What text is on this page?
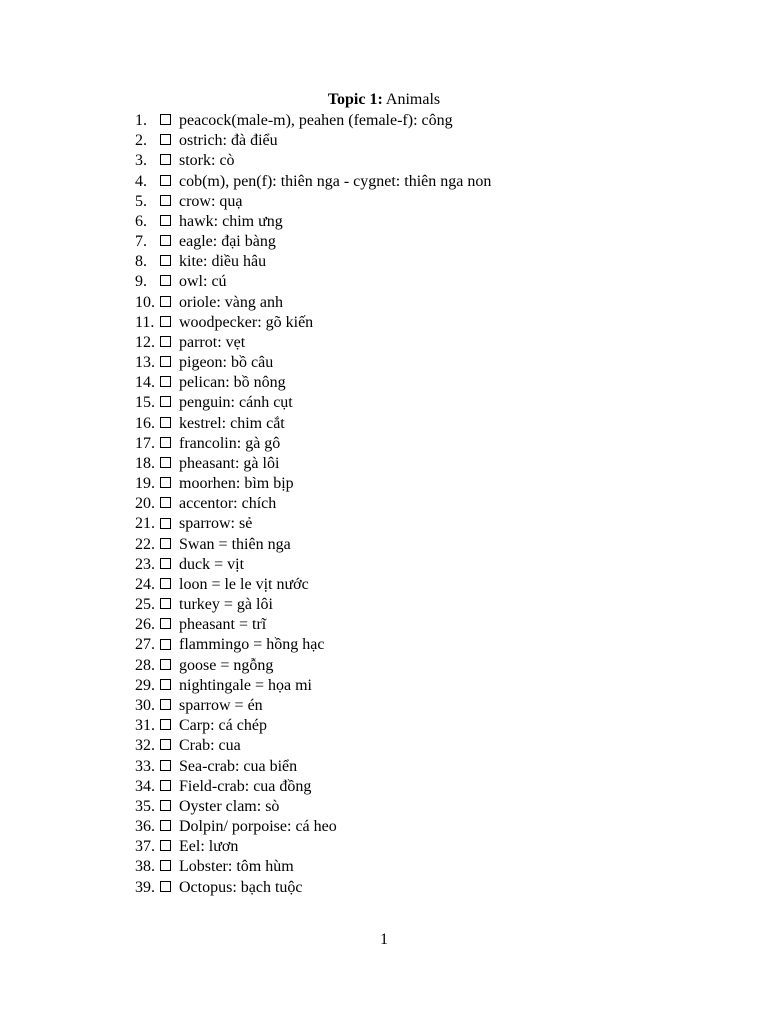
Topic 1: Animals
1.	peacock(male-m), peahen (female-f): công
2.	ostrich: đà điểu
3.	stork: cò
4.	cob(m), pen(f): thiên nga - cygnet: thiên nga non
5.	crow: quạ
6.	hawk: chim ưng
7.	eagle: đại bàng
8.	kite: diều hâu
9.	owl: cú
10. oriole: vàng anh
11. woodpecker: gõ kiến
12. parrot: vẹt
13. pigeon: bồ câu
14. pelican: bồ nông
15. penguin: cánh cụt
16. kestrel: chim cắt
17. francolin: gà gô
18. pheasant: gà lôi
19. moorhen: bìm bịp
20. accentor: chích
21. sparrow: sẻ
22. Swan = thiên nga
23. duck = vịt
24. loon = le le vịt nước
25. turkey = gà lôi
26. pheasant = trĩ
27. flammingo = hồng hạc
28. goose = ngỗng
29. nightingale = họa mi
30. sparrow = én
31. Carp: cá chép
32. Crab: cua
33. Sea-crab: cua biển
34. Field-crab: cua đồng
35. Oyster clam: sò
36. Dolpin/ porpoise: cá heo
37. Eel: lươn
38. Lobster: tôm hùm
39. Octopus: bạch tuộc
1
